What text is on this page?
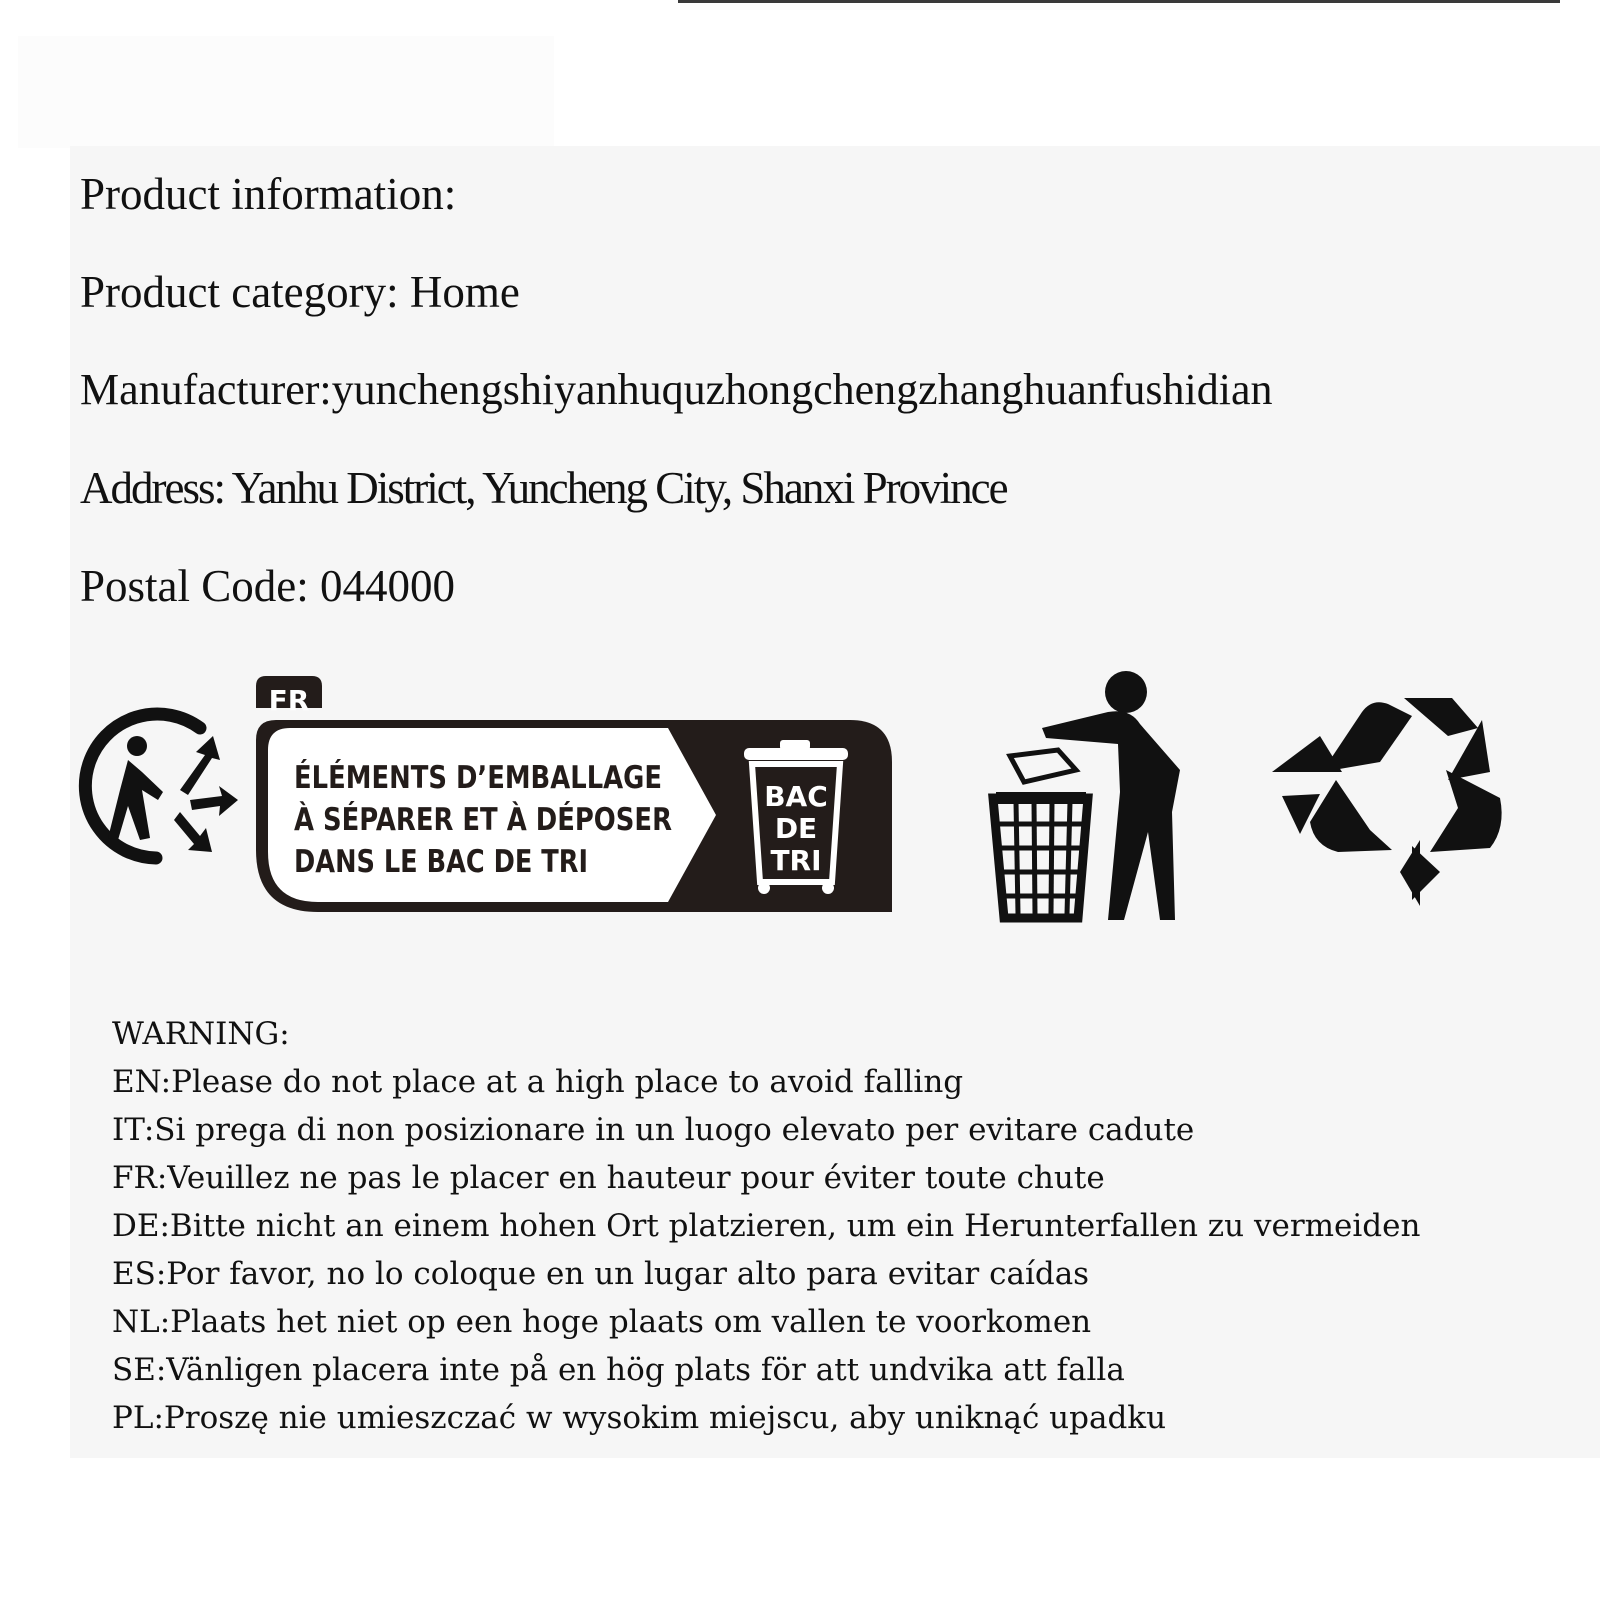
Product information:

Product category: Home

Manufacturer:yunchengshiyanhuquzhongchengzhanghuanfushidian

Address: Yanhu District, Yuncheng City, Shanxi Province

Postal Code: 044000

FR
ÉLÉMENTS D’EMBALLAGE
À SÉPARER ET À DÉPOSER
DANS LE BAC DE TRI
BAC
DE
TRI
WARNING:
EN:Please do not place at a high place to avoid falling
IT:Si prega di non posizionare in un luogo elevato per evitare cadute
FR:Veuillez ne pas le placer en hauteur pour éviter toute chute
DE:Bitte nicht an einem hohen Ort platzieren, um ein Herunterfallen zu vermeiden
ES:Por favor, no lo coloque en un lugar alto para evitar caídas
NL:Plaats het niet op een hoge plaats om vallen te voorkomen
SE:Vänligen placera inte på en hög plats för att undvika att falla
PL:Proszę nie umieszczać w wysokim miejscu, aby uniknąć upadku
